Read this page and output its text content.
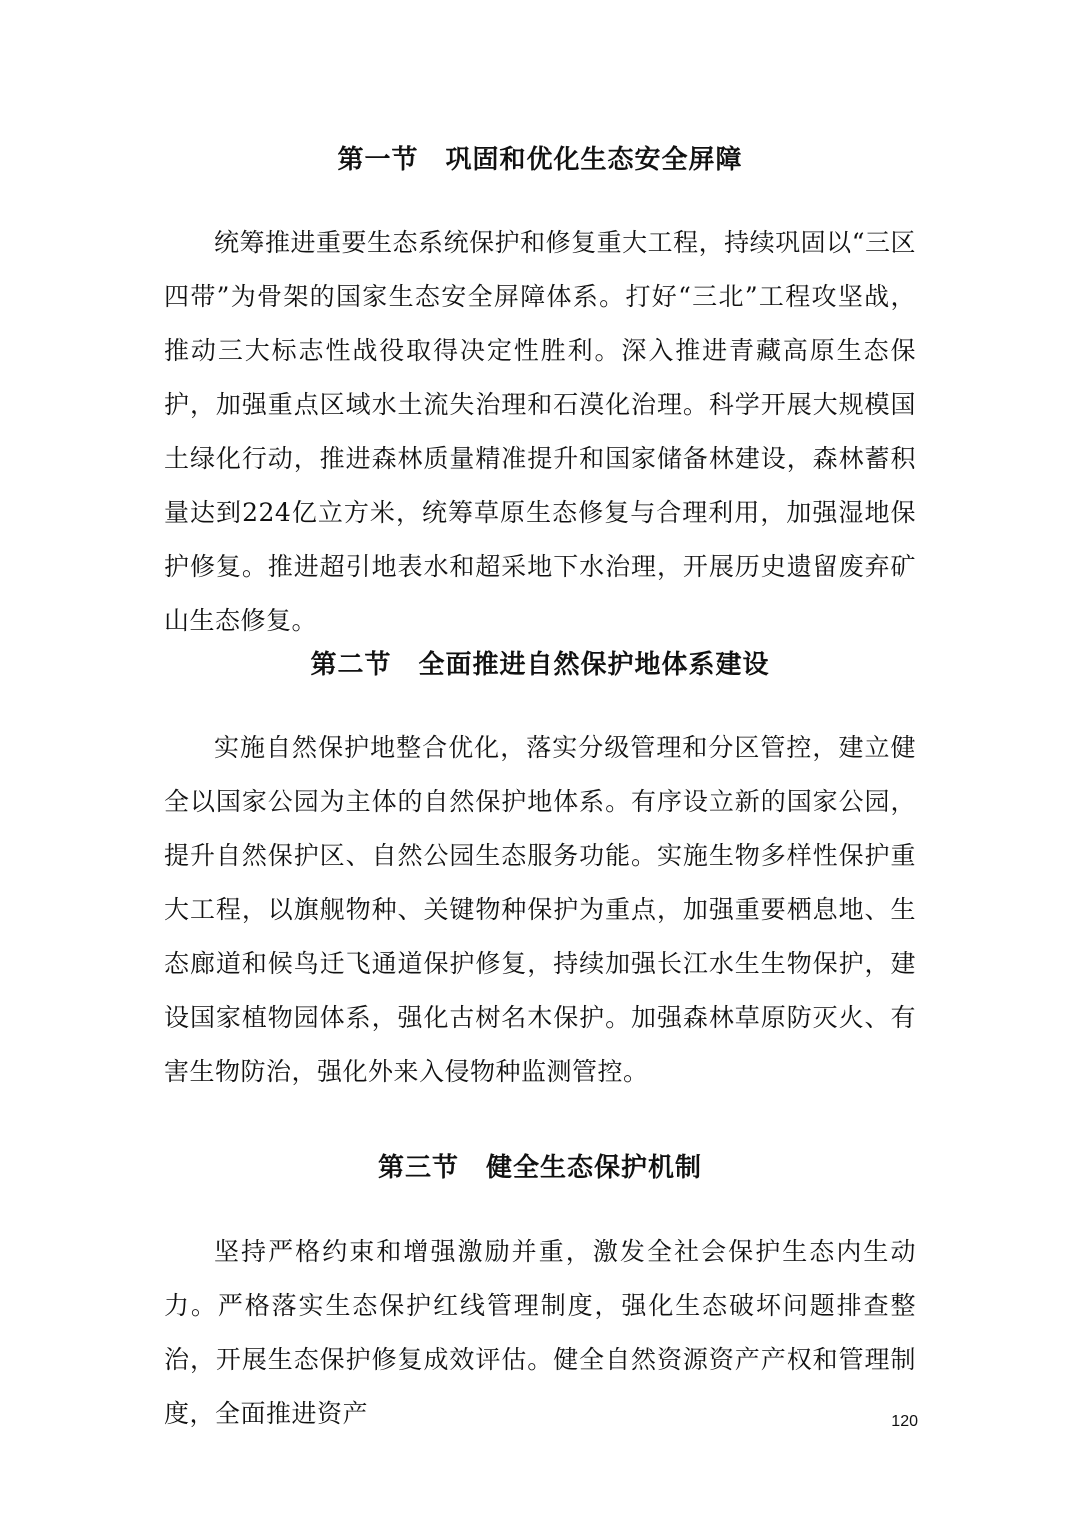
第一节　巩固和优化生态安全屏障

统筹推进重要生态系统保护和修复重大工程，持续巩固以“三区四带”为骨架的国家生态安全屏障体系。打好“三北”工程攻坚战，推动三大标志性战役取得决定性胜利。深入推进青藏高原生态保护，加强重点区域水土流失治理和石漠化治理。科学开展大规模国土绿化行动，推进森林质量精准提升和国家储备林建设，森林蓄积量达到224亿立方米，统筹草原生态修复与合理利用，加强湿地保护修复。推进超引地表水和超采地下水治理，开展历史遗留废弃矿山生态修复。

第二节　全面推进自然保护地体系建设

实施自然保护地整合优化，落实分级管理和分区管控，建立健全以国家公园为主体的自然保护地体系。有序设立新的国家公园，提升自然保护区、自然公园生态服务功能。实施生物多样性保护重大工程，以旗舰物种、关键物种保护为重点，加强重要栖息地、生态廊道和候鸟迁飞通道保护修复，持续加强长江水生生物保护，建设国家植物园体系，强化古树名木保护。加强森林草原防灭火、有害生物防治，强化外来入侵物种监测管控。

第三节　健全生态保护机制

坚持严格约束和增强激励并重，激发全社会保护生态内生动力。严格落实生态保护红线管理制度，强化生态破坏问题排查整治，开展生态保护修复成效评估。健全自然资源资产产权和管理制度，全面推进资产	120
